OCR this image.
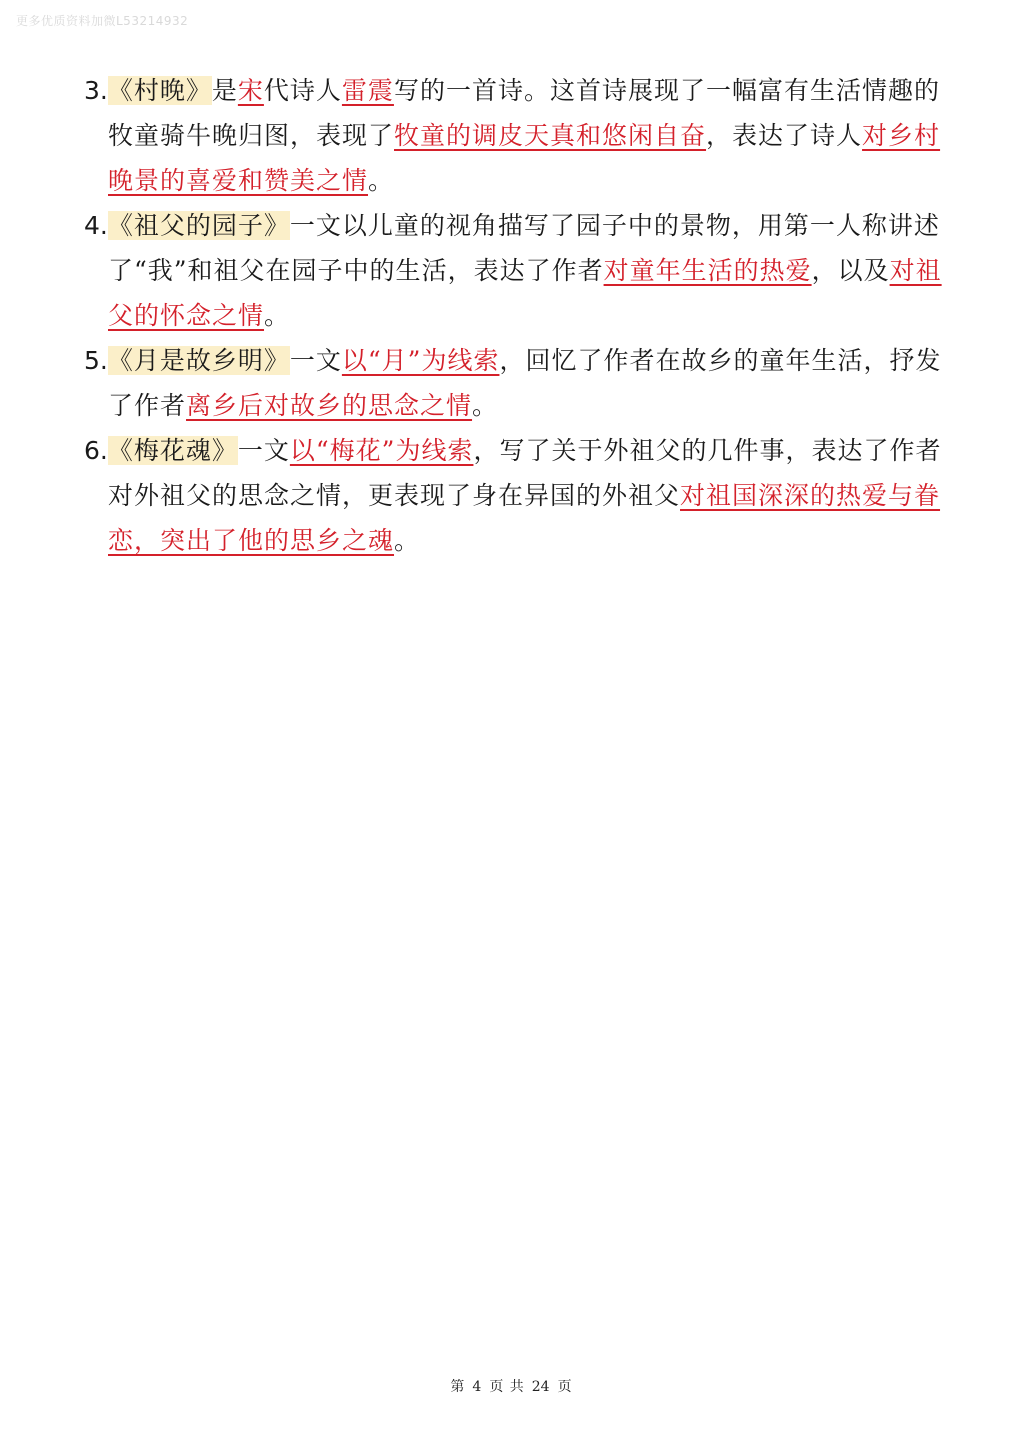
更多优质资料加微L53214932

3.《村晚》是宋代诗人雷震写的一首诗。这首诗展现了一幅富有生活情趣的牧童骑牛晚归图，表现了牧童的调皮天真和悠闲自奋，表达了诗人对乡村晚景的喜爱和赞美之情。

4.《祖父的园子》一文以儿童的视角描写了园子中的景物，用第一人称讲述了“我”和祖父在园子中的生活，表达了作者对童年生活的热爱，以及对祖父的怀念之情。

5.《月是故乡明》一文以“月”为线索，回忆了作者在故乡的童年生活，抒发了作者离乡后对故乡的思念之情。

6.《梅花魂》一文以“梅花”为线索，写了关于外祖父的几件事，表达了作者对外祖父的思念之情，更表现了身在异国的外祖父对祖国深深的热爱与眷恋，突出了他的思乡之魂。

第 4 页 共 24 页
